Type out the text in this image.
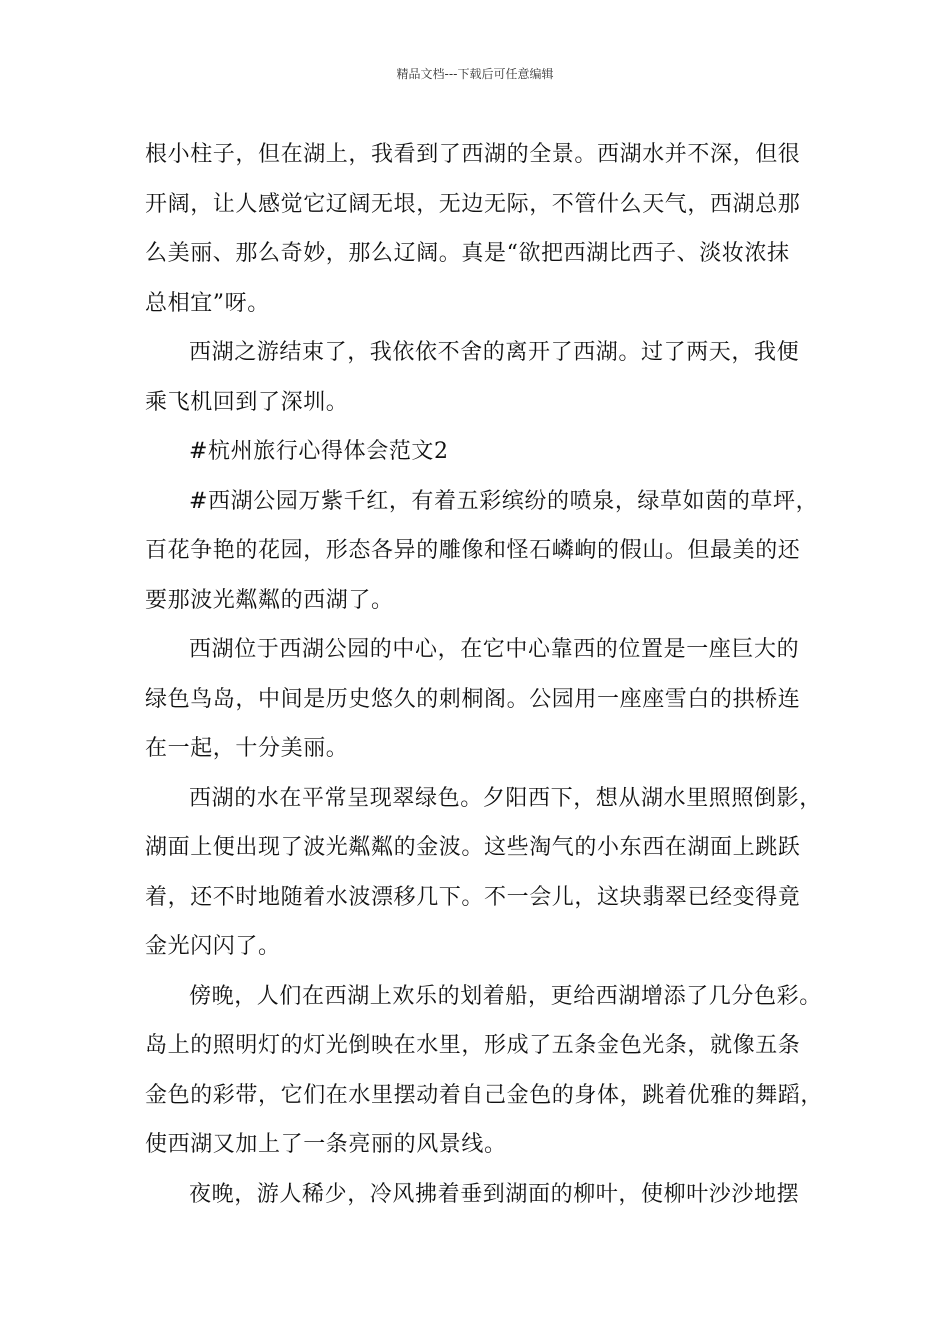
精品文档---下载后可任意编辑

根小柱子，但在湖上，我看到了西湖的全景。西湖水并不深，但很
开阔，让人感觉它辽阔无垠，无边无际，不管什么天气，西湖总那
么美丽、那么奇妙，那么辽阔。真是“欲把西湖比西子、淡妆浓抹
总相宜”呀。

西湖之游结束了，我依依不舍的离开了西湖。过了两天，我便
乘飞机回到了深圳。

#杭州旅行心得体会范文2

#西湖公园万紫千红，有着五彩缤纷的喷泉，绿草如茵的草坪，
百花争艳的花园，形态各异的雕像和怪石嶙峋的假山。但最美的还
要那波光粼粼的西湖了。

西湖位于西湖公园的中心，在它中心靠西的位置是一座巨大的
绿色鸟岛，中间是历史悠久的刺桐阁。公园用一座座雪白的拱桥连
在一起，十分美丽。

西湖的水在平常呈现翠绿色。夕阳西下，想从湖水里照照倒影，
湖面上便出现了波光粼粼的金波。这些淘气的小东西在湖面上跳跃
着，还不时地随着水波漂移几下。不一会儿，这块翡翠已经变得竟
金光闪闪了。

傍晚，人们在西湖上欢乐的划着船，更给西湖增添了几分色彩。
岛上的照明灯的灯光倒映在水里，形成了五条金色光条，就像五条
金色的彩带，它们在水里摆动着自己金色的身体，跳着优雅的舞蹈，
使西湖又加上了一条亮丽的风景线。

夜晚，游人稀少，冷风拂着垂到湖面的柳叶，使柳叶沙沙地摆
